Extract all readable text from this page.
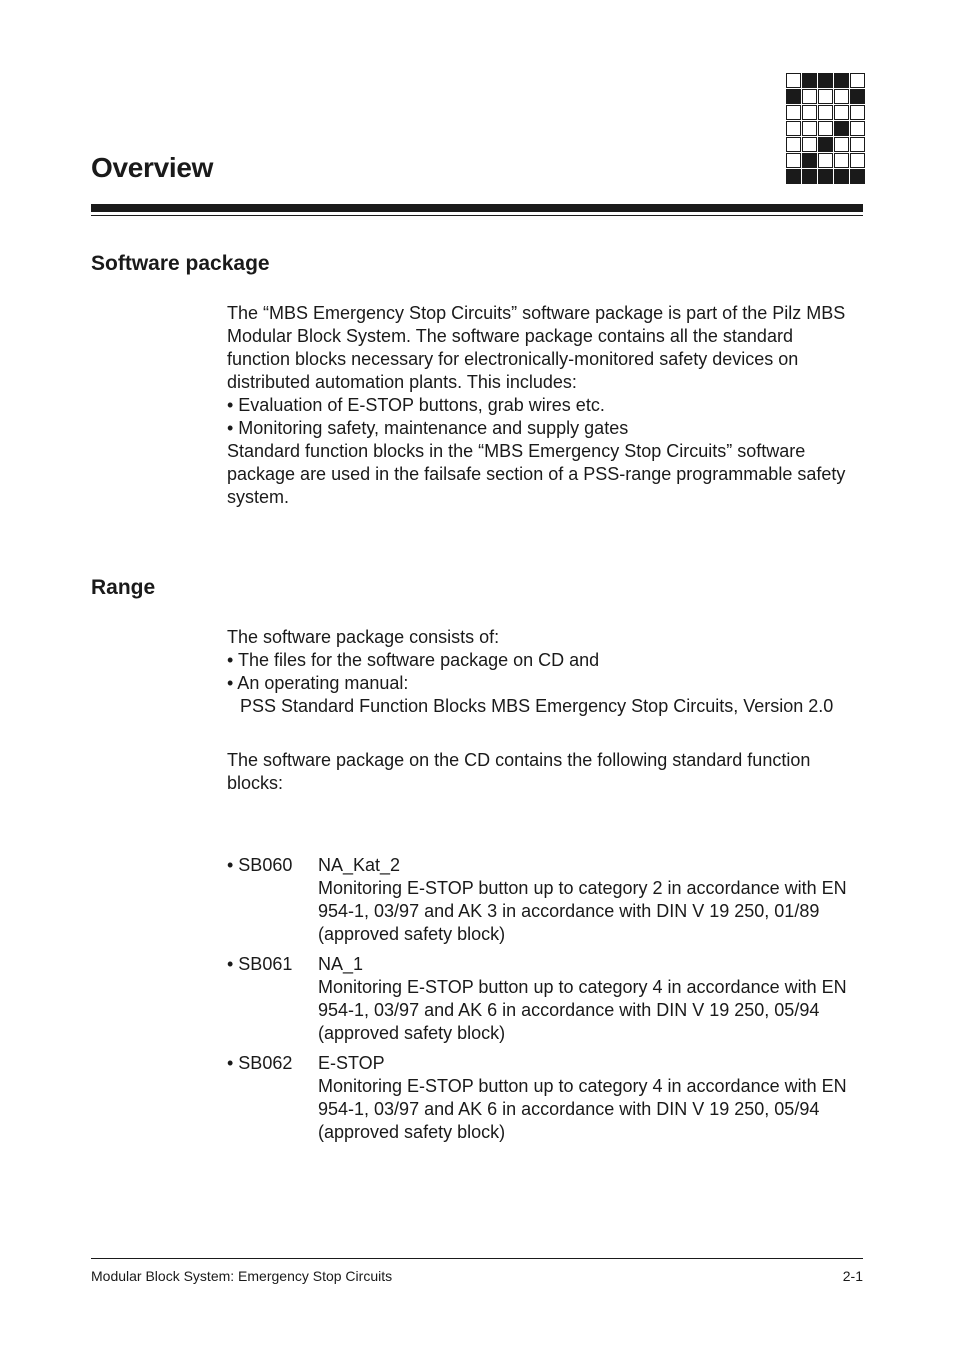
Overview
Software package

The “MBS Emergency Stop Circuits” software package is part of the Pilz MBS Modular Block System. The software package contains all the standard function blocks necessary for electronically-monitored safety devices on distributed automation plants. This includes:

• Evaluation of E-STOP buttons, grab wires etc.

• Monitoring safety, maintenance and supply gates

Standard function blocks in the “MBS Emergency Stop Circuits” software package are used in the failsafe section of a PSS-range programmable safety system.

Range

The software package consists of:

• The files for the software package on CD and

• An operating manual:

PSS Standard Function Blocks MBS Emergency Stop Circuits, Version 2.0

The software package on the CD contains the following standard function blocks:

• SB060	NA_Kat_2
Monitoring E-STOP button up to category 2 in accordance with EN 954-1, 03/97 and AK 3 in accordance with DIN V 19 250, 01/89
(approved safety block)
• SB061	NA_1
Monitoring E-STOP button up to category 4 in accordance with EN 954-1, 03/97 and AK 6 in accordance with DIN V 19 250, 05/94
(approved safety block)
• SB062	E-STOP
Monitoring E-STOP button up to category 4 in accordance with EN 954-1, 03/97 and AK 6 in accordance with DIN V 19 250, 05/94
(approved safety block)
Modular Block System: Emergency Stop Circuits	2-1
